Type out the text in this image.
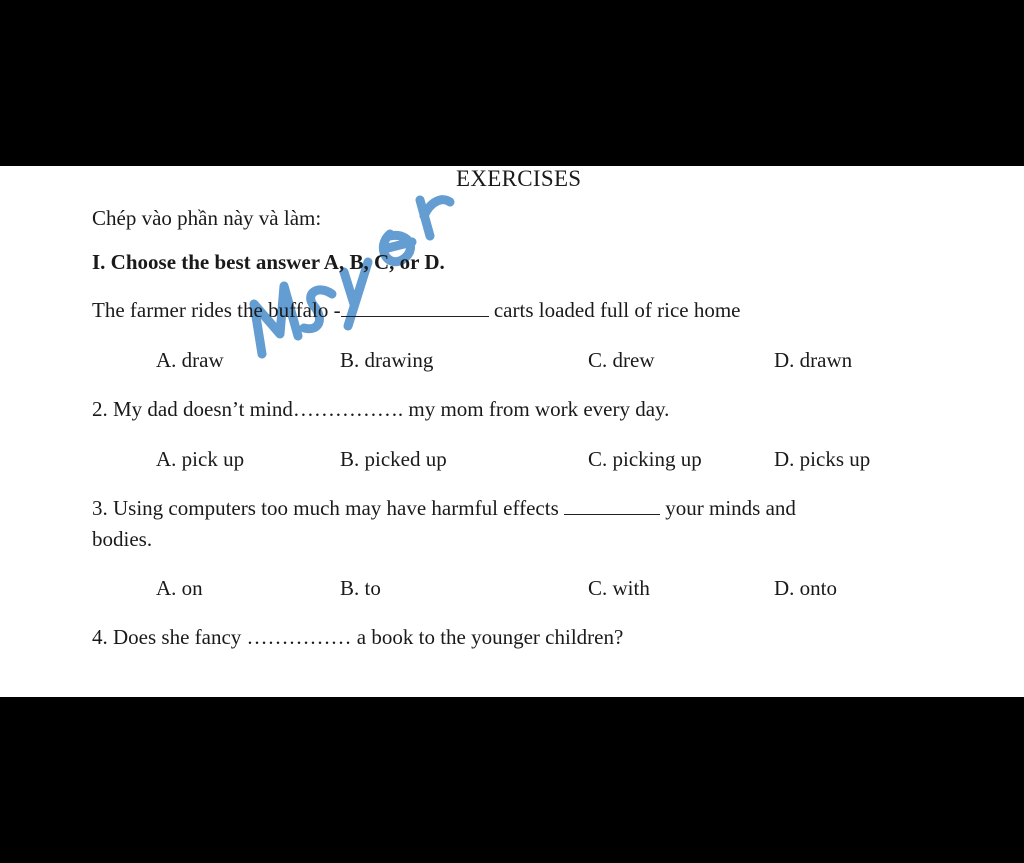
EXERCISES
Chép vào phần này và làm:
I. Choose the best answer A, B, C, or D.
The farmer rides the buffalo -	carts loaded full of rice home
A. draw	B. drawing	C. drew	D. drawn
2. My dad doesn’t mind……………. my mom from work every day.
A. pick up	B. picked up	C. picking up	D. picks up
3. Using computers too much may have harmful effects	your minds and
bodies.
A. on	B. to	C. with	D. onto
4. Does she fancy …………… a book to the younger children?
